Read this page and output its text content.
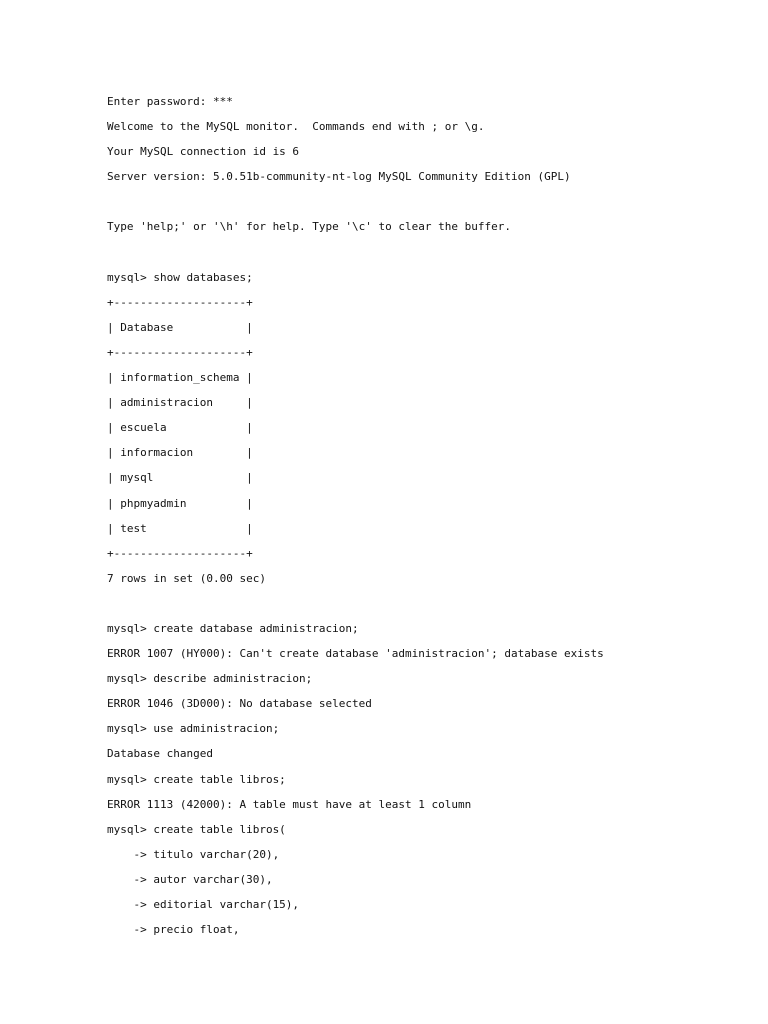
Enter password: ***
Welcome to the MySQL monitor.  Commands end with ; or \g.
Your MySQL connection id is 6
Server version: 5.0.51b-community-nt-log MySQL Community Edition (GPL)
Type 'help;' or '\h' for help. Type '\c' to clear the buffer.
mysql> show databases;
+--------------------+
| Database           |
+--------------------+
| information_schema |
| administracion     |
| escuela            |
| informacion        |
| mysql              |
| phpmyadmin         |
| test               |
+--------------------+
7 rows in set (0.00 sec)
mysql> create database administracion;
ERROR 1007 (HY000): Can't create database 'administracion'; database exists
mysql> describe administracion;
ERROR 1046 (3D000): No database selected
mysql> use administracion;
Database changed
mysql> create table libros;
ERROR 1113 (42000): A table must have at least 1 column
mysql> create table libros(
-> titulo varchar(20),
-> autor varchar(30),
-> editorial varchar(15),
-> precio float,
